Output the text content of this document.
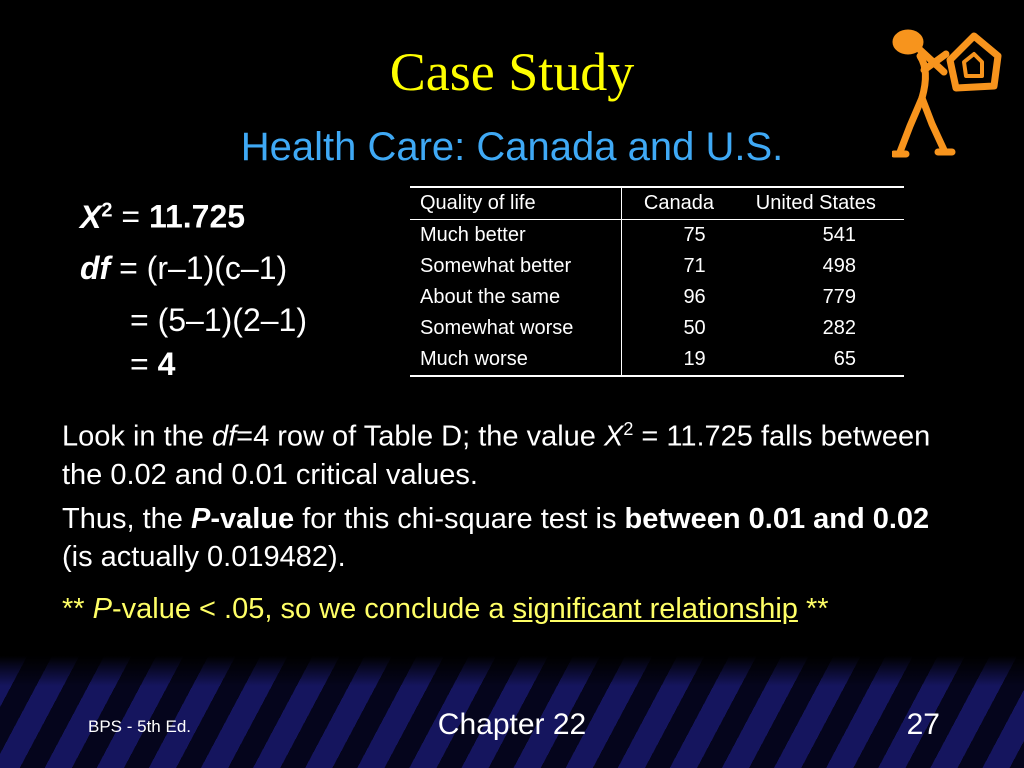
Case Study
Health Care: Canada and U.S.
$X^2 = 11.725$
df = (r–1)(c–1)
= (5–1)(2–1)
= 4
Quality of life	Canada	United States
Much better	75	541
Somewhat better	71	498
About the same	96	779
Somewhat worse	50	282
Much worse	19	65
Look in the df=4 row of Table D; the value $X^2 = 11.725$ falls between the 0.02 and 0.01 critical values.
Thus, the P-value for this chi-square test is between 0.01 and 0.02 (is actually 0.019482).
** P-value < .05, so we conclude a significant relationship **
BPS - 5th Ed.	Chapter 22	27
